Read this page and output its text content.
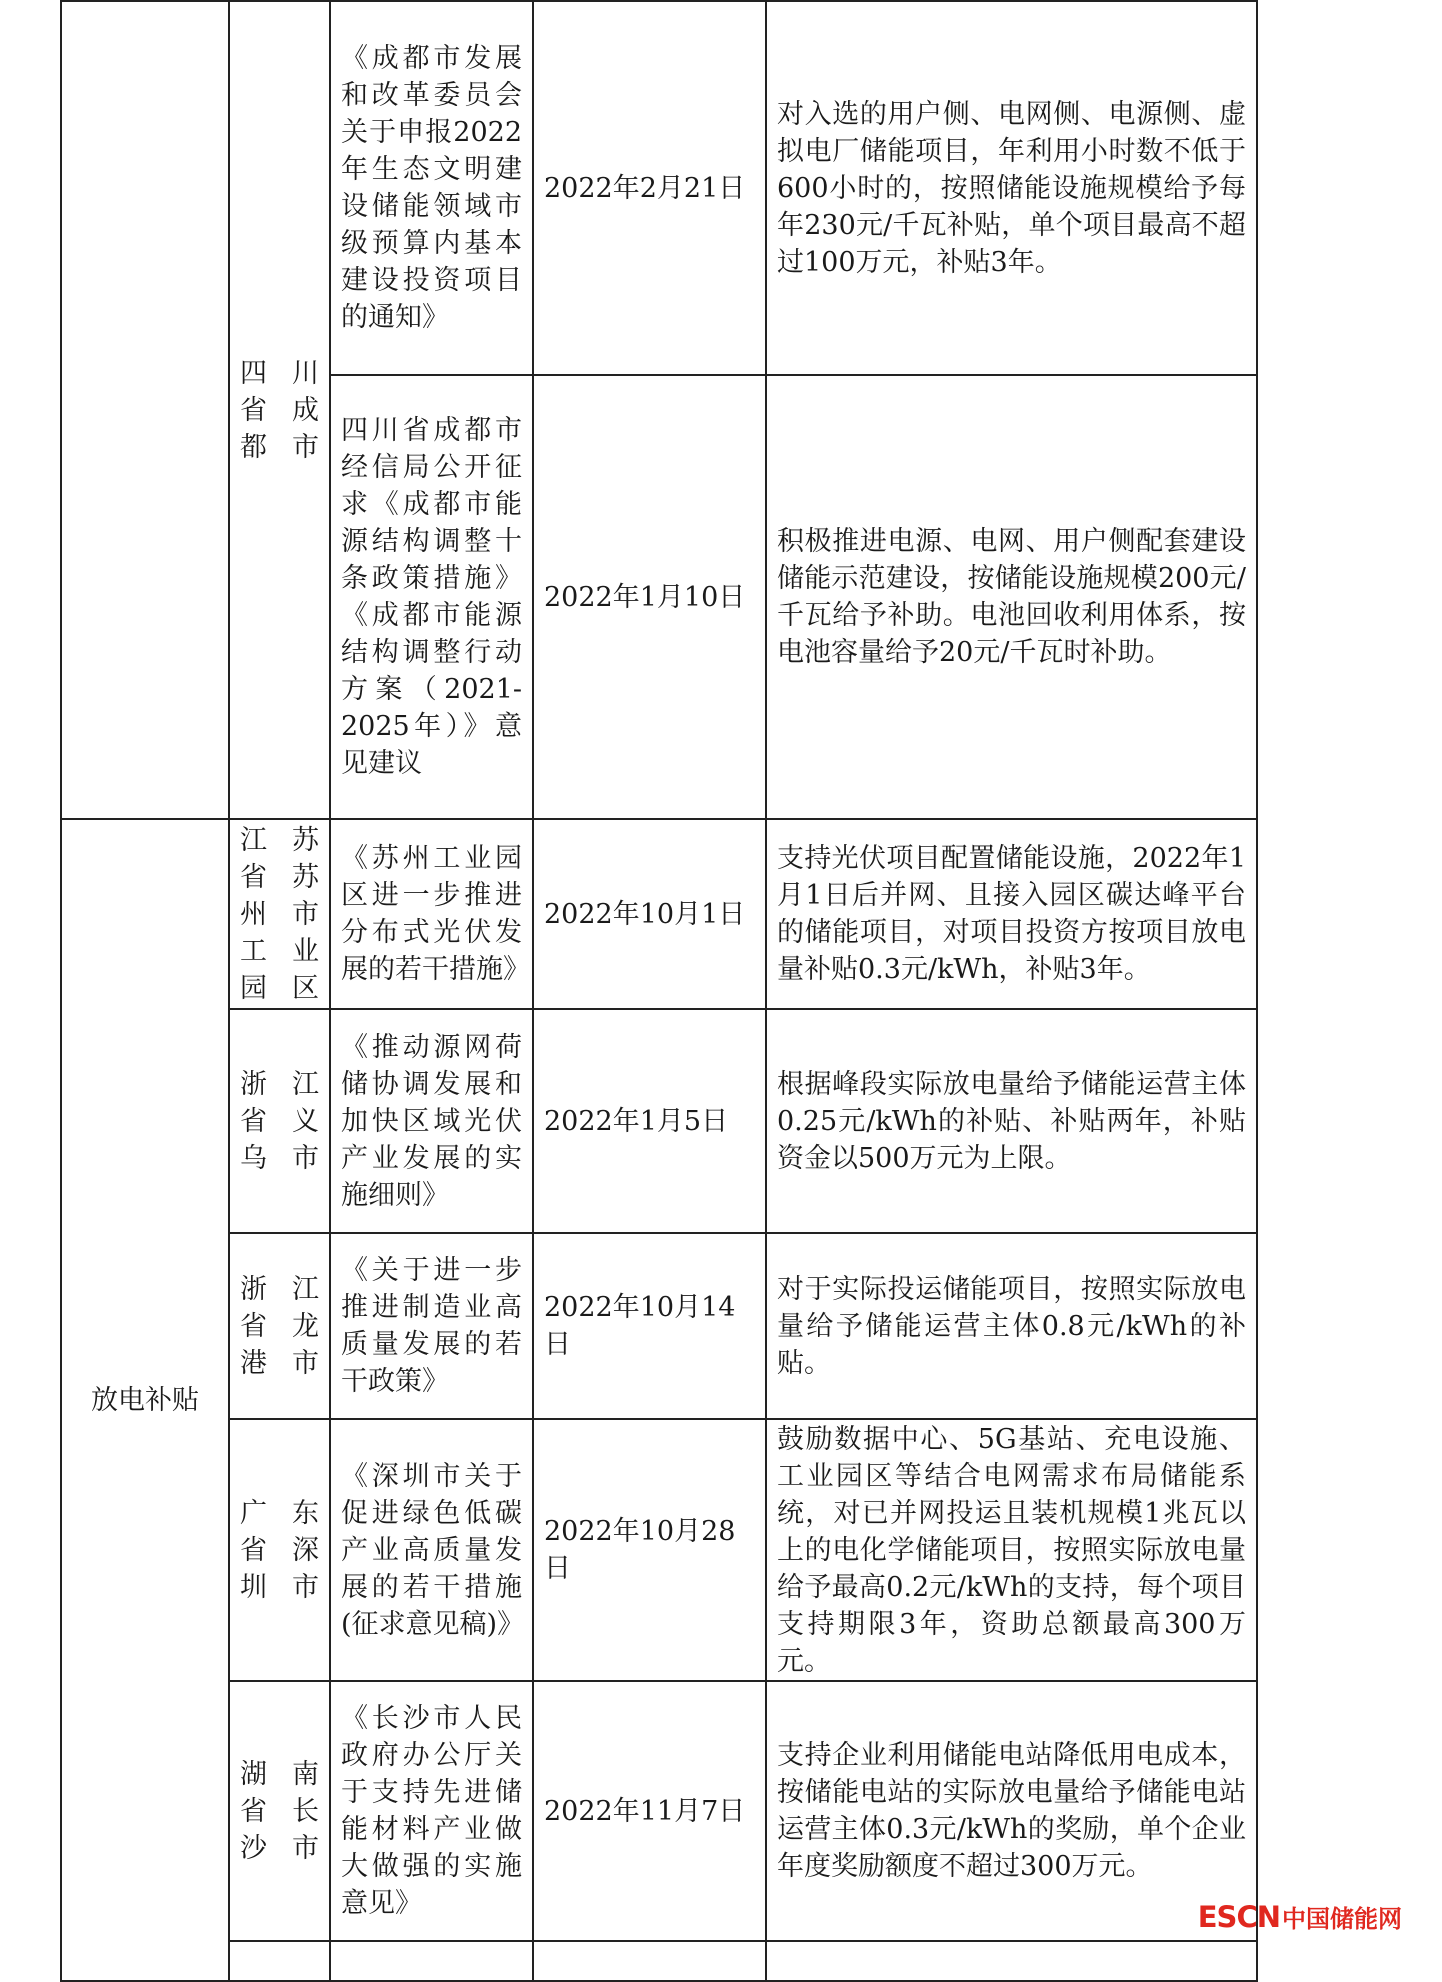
	四川省成都市	《成都市发展和改革委员会关于申报2022年生态文明建设储能领域市级预算内基本建设投资项目的通知》	2022年2月21日	对入选的用户侧、电网侧、电源侧、虚拟电厂储能项目，年利用小时数不低于600小时的，按照储能设施规模给予每年230元/千瓦补贴，单个项目最高不超过100万元，补贴3年。
		四川省成都市经信局公开征求《成都市能源结构调整十条政策措施》《成都市能源结构调整行动方案（2021-2025年）》意见建议	2022年1月10日	积极推进电源、电网、用户侧配套建设储能示范建设，按储能设施规模200元/千瓦给予补助。电池回收利用体系，按电池容量给予20元/千瓦时补助。
放电补贴	江苏省苏州市工业园区	《苏州工业园区进一步推进分布式光伏发展的若干措施》	2022年10月1日	支持光伏项目配置储能设施，2022年1月1日后并网、且接入园区碳达峰平台的储能项目，对项目投资方按项目放电量补贴0.3元/kWh，补贴3年。
	浙江省义乌市	《推动源网荷储协调发展和加快区域光伏产业发展的实施细则》	2022年1月5日	根据峰段实际放电量给予储能运营主体0.25元/kWh的补贴、补贴两年，补贴资金以500万元为上限。
	浙江省龙港市	《关于进一步推进制造业高质量发展的若干政策》	2022年10月14日	对于实际投运储能项目，按照实际放电量给予储能运营主体0.8元/kWh的补贴。
	广东省深圳市	《深圳市关于促进绿色低碳产业高质量发展的若干措施(征求意见稿)》	2022年10月28日	鼓励数据中心、5G基站、充电设施、工业园区等结合电网需求布局储能系统，对已并网投运且装机规模1兆瓦以上的电化学储能项目，按照实际放电量给予最高0.2元/kWh的支持，每个项目支持期限3年，资助总额最高300万元。
	湖南省长沙市	《长沙市人民政府办公厅关于支持先进储能材料产业做大做强的实施意见》	2022年11月7日	支持企业利用储能电站降低用电成本，按储能电站的实际放电量给予储能电站运营主体0.3元/kWh的奖励，单个企业年度奖励额度不超过300万元。

ESCN中国储能网
